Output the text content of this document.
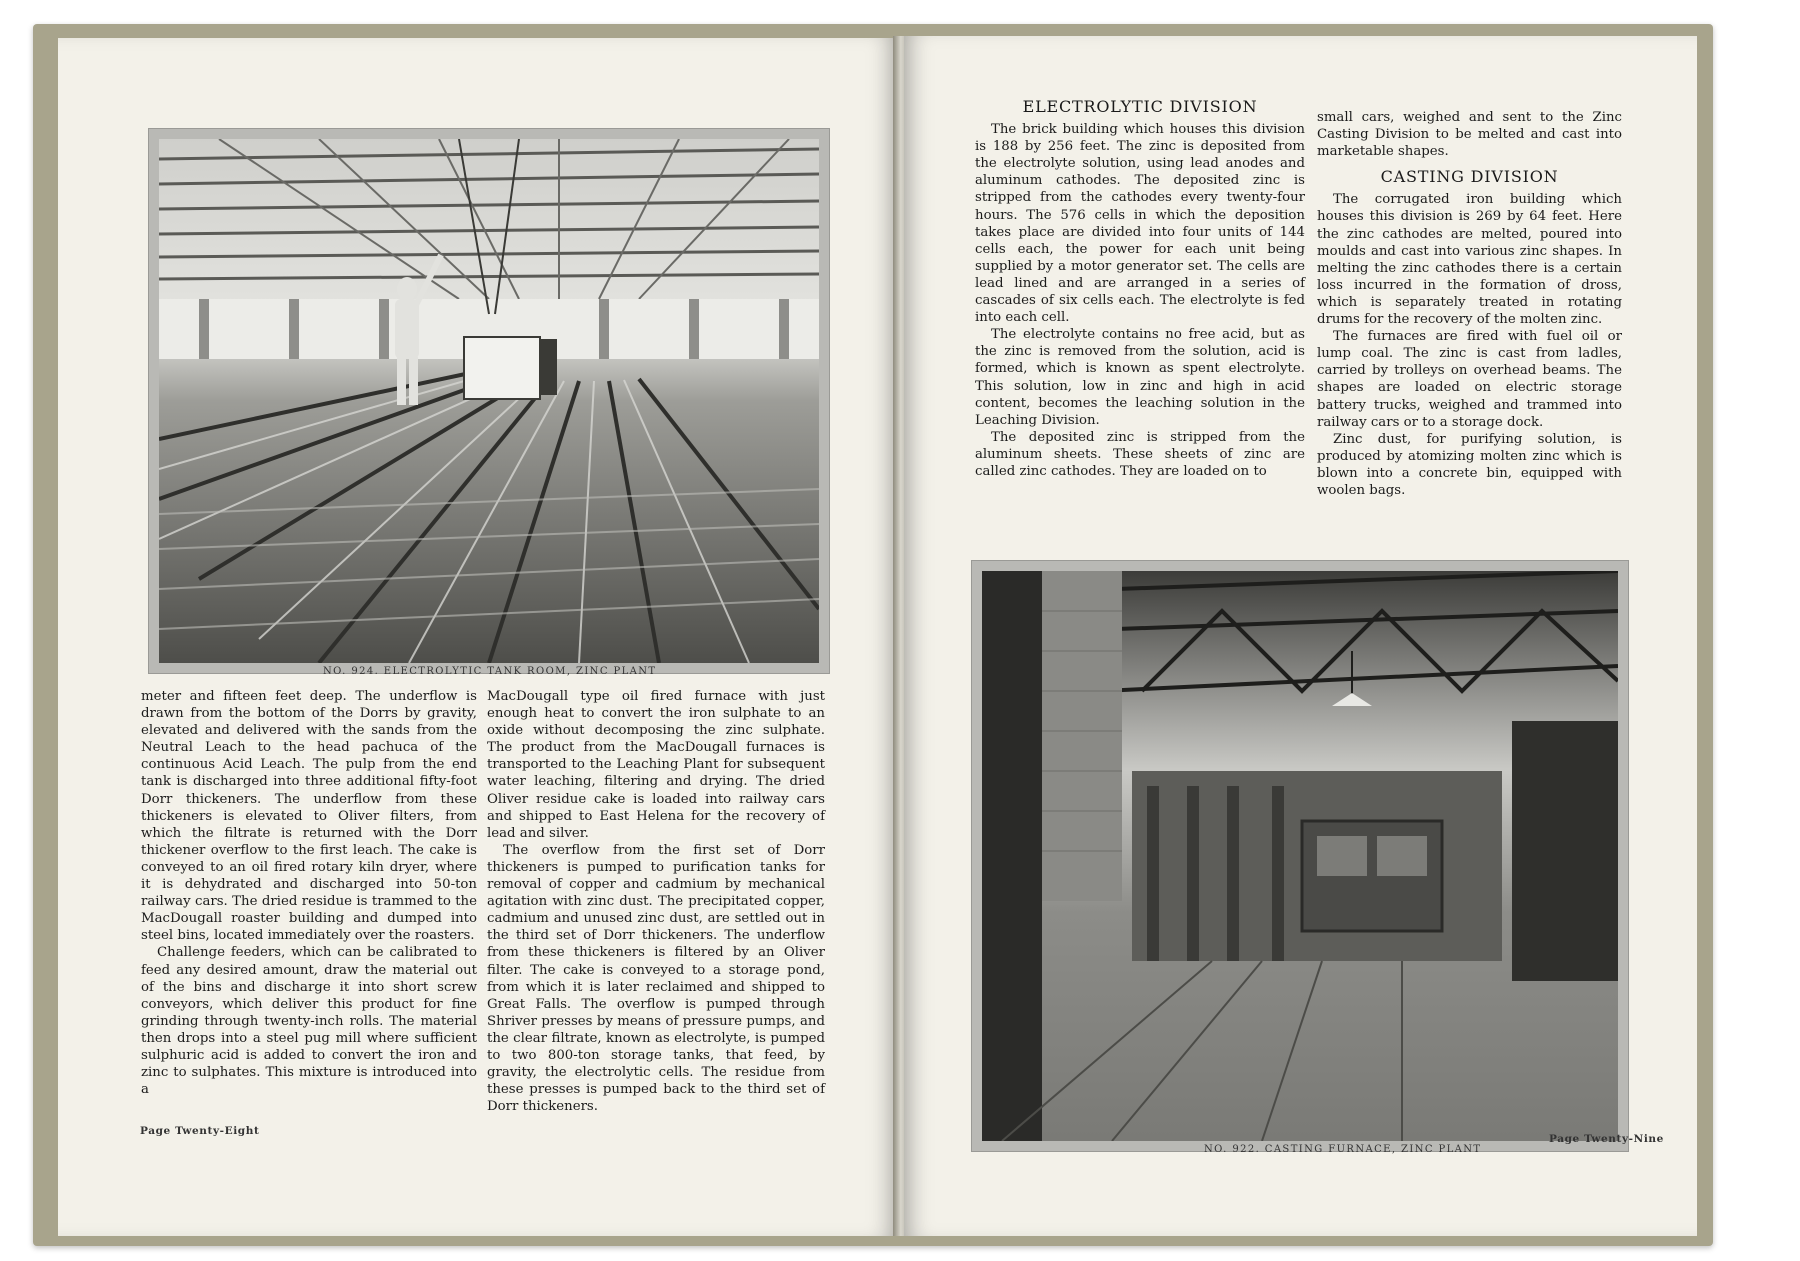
NO. 924. ELECTROLYTIC TANK ROOM, ZINC PLANT

meter and fifteen feet deep. The underflow is drawn from the bottom of the Dorrs by gravity, elevated and delivered with the sands from the Neutral Leach to the head pachuca of the continuous Acid Leach. The pulp from the end tank is discharged into three additional fifty-foot Dorr thickeners. The underflow from these thickeners is elevated to Oliver filters, from which the filtrate is returned with the Dorr thickener overflow to the first leach. The cake is conveyed to an oil fired rotary kiln dryer, where it is dehydrated and discharged into 50-ton railway cars. The dried residue is trammed to the MacDougall roaster building and dumped into steel bins, located immediately over the roasters.

Challenge feeders, which can be calibrated to feed any desired amount, draw the material out of the bins and discharge it into short screw conveyors, which deliver this product for fine grinding through twenty-inch rolls. The material then drops into a steel pug mill where sufficient sulphuric acid is added to convert the iron and zinc to sulphates. This mixture is introduced into a

MacDougall type oil fired furnace with just enough heat to convert the iron sulphate to an oxide without decomposing the zinc sulphate. The product from the MacDougall furnaces is transported to the Leaching Plant for subsequent water leaching, filtering and drying. The dried Oliver residue cake is loaded into railway cars and shipped to East Helena for the recovery of lead and silver.

The overflow from the first set of Dorr thickeners is pumped to purification tanks for removal of copper and cadmium by mechanical agitation with zinc dust. The precipitated copper, cadmium and unused zinc dust, are settled out in the third set of Dorr thickeners. The underflow from these thickeners is filtered by an Oliver filter. The cake is conveyed to a storage pond, from which it is later reclaimed and shipped to Great Falls. The overflow is pumped through Shriver presses by means of pressure pumps, and the clear filtrate, known as electrolyte, is pumped to two 800-ton storage tanks, that feed, by gravity, the electrolytic cells. The residue from these presses is pumped back to the third set of Dorr thickeners.

Page Twenty-Eight
ELECTROLYTIC DIVISION

The brick building which houses this division is 188 by 256 feet. The zinc is deposited from the electrolyte solution, using lead anodes and aluminum cathodes. The deposited zinc is stripped from the cathodes every twenty-four hours. The 576 cells in which the deposition takes place are divided into four units of 144 cells each, the power for each unit being supplied by a motor generator set. The cells are lead lined and are arranged in a series of cascades of six cells each. The electrolyte is fed into each cell.

The electrolyte contains no free acid, but as the zinc is removed from the solution, acid is formed, which is known as spent electrolyte. This solution, low in zinc and high in acid content, becomes the leaching solution in the Leaching Division.

The deposited zinc is stripped from the aluminum sheets. These sheets of zinc are called zinc cathodes. They are loaded on to

small cars, weighed and sent to the Zinc Casting Division to be melted and cast into marketable shapes.

CASTING DIVISION

The corrugated iron building which houses this division is 269 by 64 feet. Here the zinc cathodes are melted, poured into moulds and cast into various zinc shapes. In melting the zinc cathodes there is a certain loss incurred in the formation of dross, which is separately treated in rotating drums for the recovery of the molten zinc.

The furnaces are fired with fuel oil or lump coal. The zinc is cast from ladles, carried by trolleys on overhead beams. The shapes are loaded on electric storage battery trucks, weighed and trammed into railway cars or to a storage dock.

Zinc dust, for purifying solution, is produced by atomizing molten zinc which is blown into a concrete bin, equipped with woolen bags.

NO. 922. CASTING FURNACE, ZINC PLANT
Page Twenty-Nine
